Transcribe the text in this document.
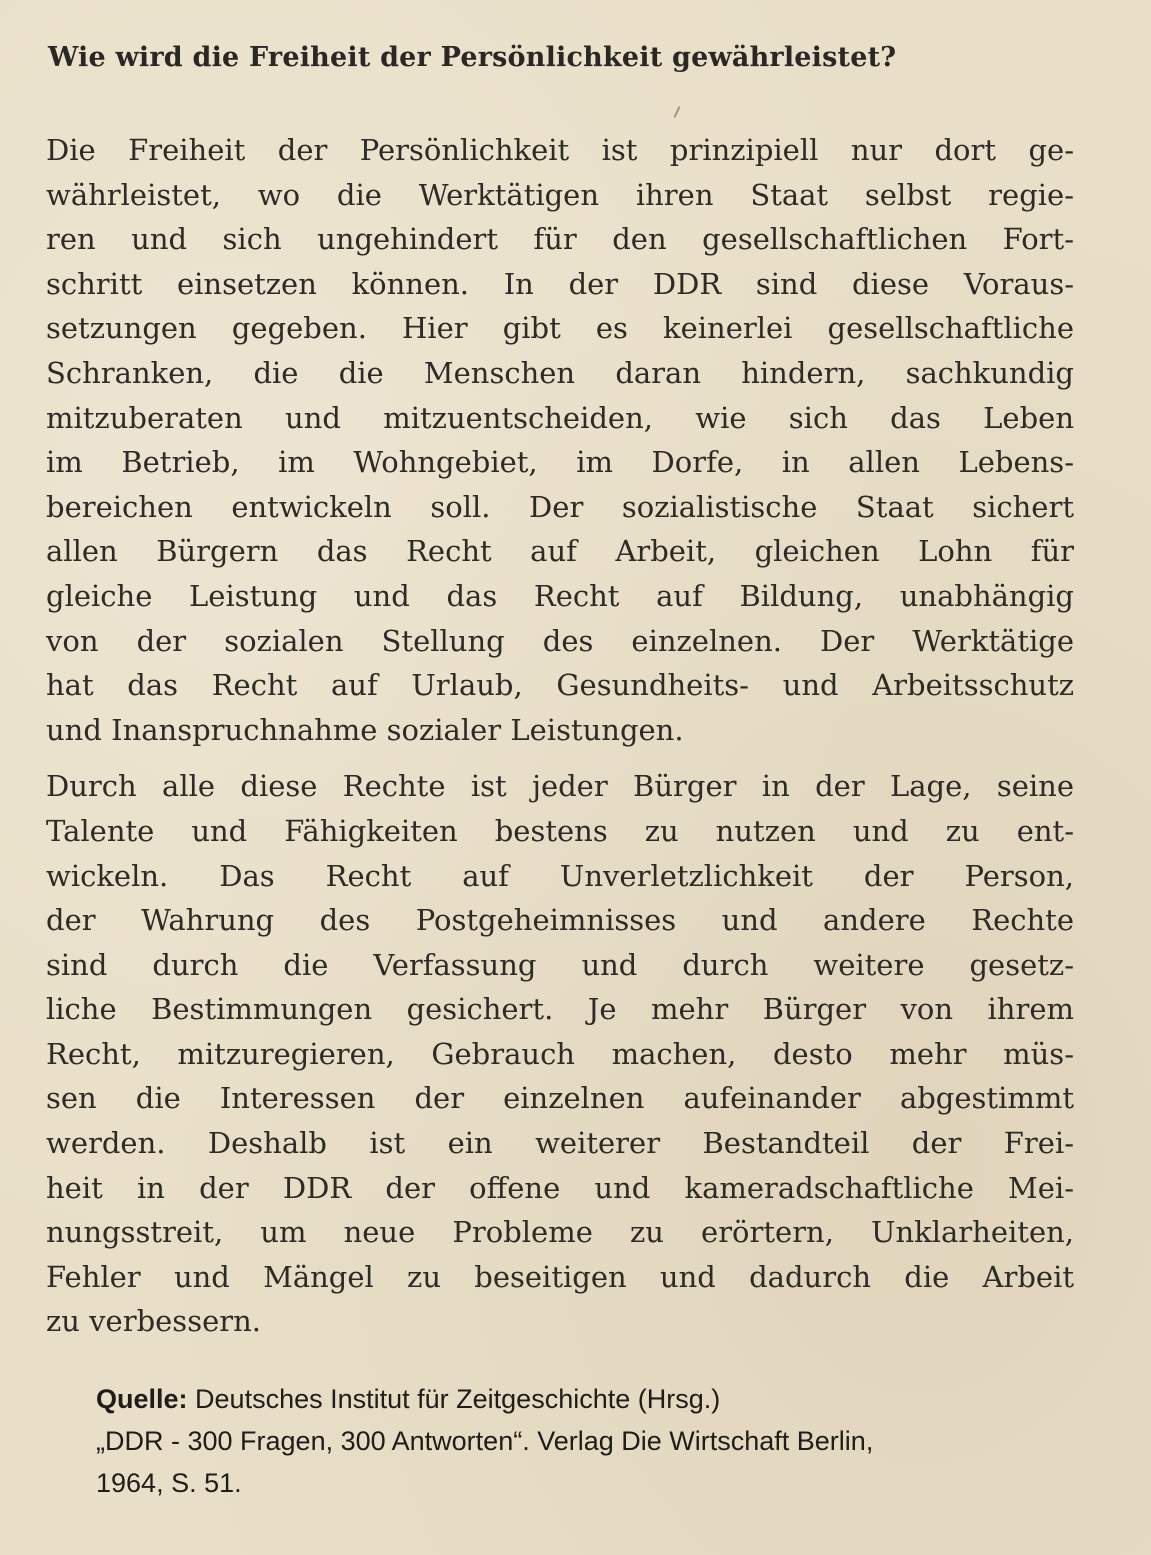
Wie wird die Freiheit der Persönlichkeit gewährleistet?
Die Freiheit der Persönlichkeit ist prinzipiell nur dort ge-
währleistet, wo die Werktätigen ihren Staat selbst regie-
ren und sich ungehindert für den gesellschaftlichen Fort-
schritt einsetzen können. In der DDR sind diese Voraus-
setzungen gegeben. Hier gibt es keinerlei gesellschaftliche
Schranken, die die Menschen daran hindern, sachkundig
mitzuberaten und mitzuentscheiden, wie sich das Leben
im Betrieb, im Wohngebiet, im Dorfe, in allen Lebens-
bereichen entwickeln soll. Der sozialistische Staat sichert
allen Bürgern das Recht auf Arbeit, gleichen Lohn für
gleiche Leistung und das Recht auf Bildung, unabhängig
von der sozialen Stellung des einzelnen. Der Werktätige
hat das Recht auf Urlaub, Gesundheits- und Arbeitsschutz
und Inanspruchnahme sozialer Leistungen.
Durch alle diese Rechte ist jeder Bürger in der Lage, seine
Talente und Fähigkeiten bestens zu nutzen und zu ent-
wickeln. Das Recht auf Unverletzlichkeit der Person,
der Wahrung des Postgeheimnisses und andere Rechte
sind durch die Verfassung und durch weitere gesetz-
liche Bestimmungen gesichert. Je mehr Bürger von ihrem
Recht, mitzuregieren, Gebrauch machen, desto mehr müs-
sen die Interessen der einzelnen aufeinander abgestimmt
werden. Deshalb ist ein weiterer Bestandteil der Frei-
heit in der DDR der offene und kameradschaftliche Mei-
nungsstreit, um neue Probleme zu erörtern, Unklarheiten,
Fehler und Mängel zu beseitigen und dadurch die Arbeit
zu verbessern.
Quelle: Deutsches Institut für Zeitgeschichte (Hrsg.)
„DDR - 300 Fragen, 300 Antworten“. Verlag Die Wirtschaft Berlin,
1964, S. 51.
